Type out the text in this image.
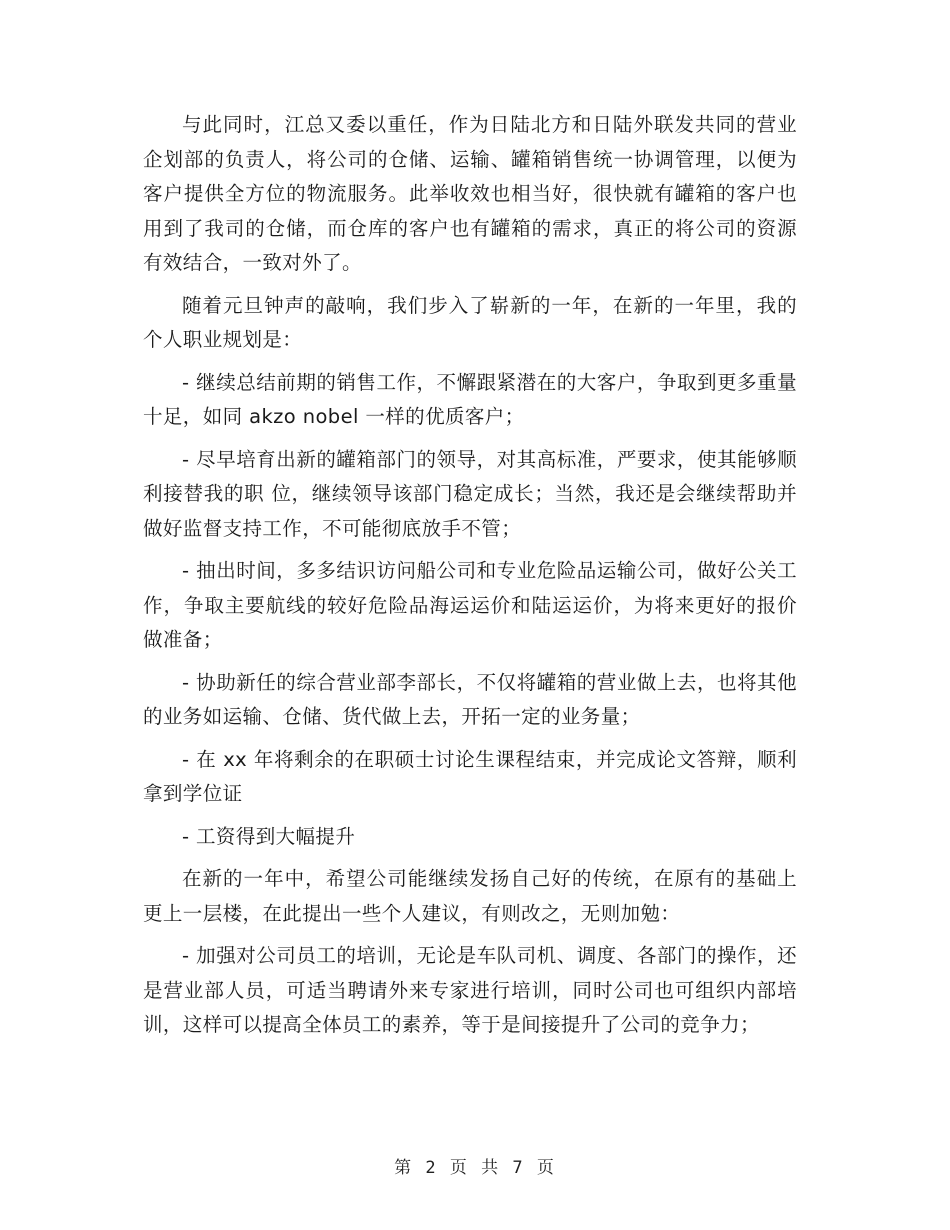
与此同时，江总又委以重任，作为日陆北方和日陆外联发共同的营业企划部的负责人，将公司的仓储、运输、罐箱销售统一协调管理，以便为客户提供全方位的物流服务。此举收效也相当好，很快就有罐箱的客户也用到了我司的仓储，而仓库的客户也有罐箱的需求，真正的将公司的资源有效结合，一致对外了。

随着元旦钟声的敲响，我们步入了崭新的一年，在新的一年里，我的个人职业规划是：

- 继续总结前期的销售工作，不懈跟紧潜在的大客户，争取到更多重量十足，如同 akzo nobel 一样的优质客户；

- 尽早培育出新的罐箱部门的领导，对其高标准，严要求，使其能够顺利接替我的职 位，继续领导该部门稳定成长；当然，我还是会继续帮助并做好监督支持工作，不可能彻底放手不管；

- 抽出时间，多多结识访问船公司和专业危险品运输公司，做好公关工作，争取主要航线的较好危险品海运运价和陆运运价，为将来更好的报价做准备；

- 协助新任的综合营业部李部长，不仅将罐箱的营业做上去，也将其他的业务如运输、仓储、货代做上去，开拓一定的业务量；

- 在 xx 年将剩余的在职硕士讨论生课程结束，并完成论文答辩，顺利拿到学位证

- 工资得到大幅提升

在新的一年中，希望公司能继续发扬自己好的传统，在原有的基础上更上一层楼，在此提出一些个人建议，有则改之，无则加勉：

- 加强对公司员工的培训，无论是车队司机、调度、各部门的操作，还是营业部人员，可适当聘请外来专家进行培训，同时公司也可组织内部培训，这样可以提高全体员工的素养，等于是间接提升了公司的竞争力；

第 2 页 共 7 页
